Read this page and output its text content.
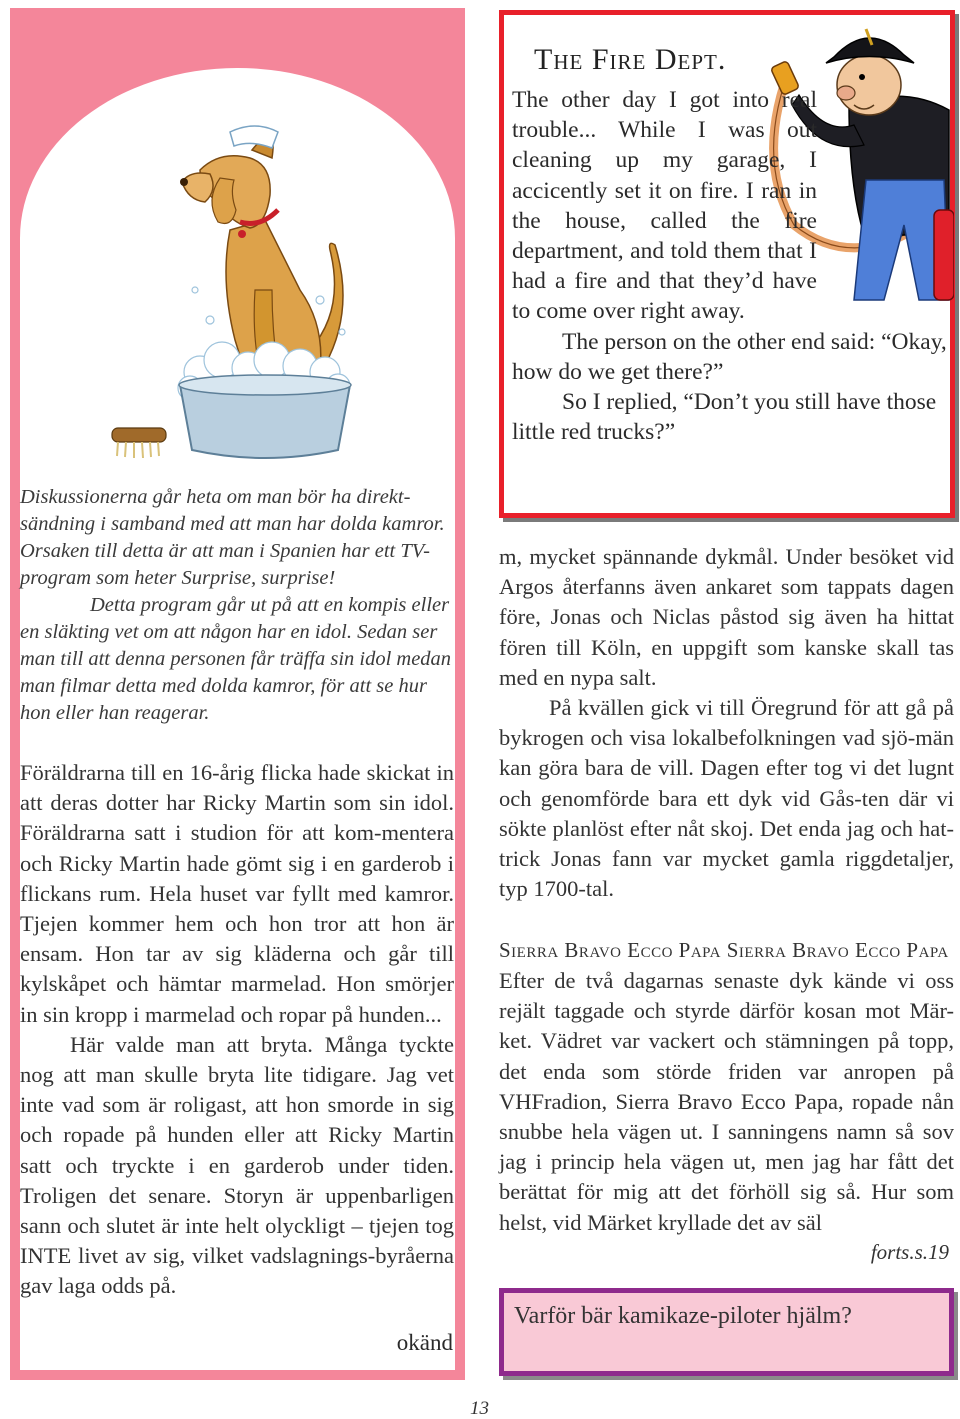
Diskussionerna går heta om man bör ha direkt-sändning i samband med att man har dolda kamror. Orsaken till detta är att man i Spanien har ett TV-program som heter Surprise, surprise!

Detta program går ut på att en kompis eller en släkting vet om att någon har en idol. Sedan ser man till att denna personen får träffa sin idol medan man filmar detta med dolda kamror, för att se hur hon eller han reagerar.

Föräldrarna till en 16-årig flicka hade skickat in att deras dotter har Ricky Martin som sin idol. Föräldrarna satt i studion för att kom-mentera och Ricky Martin hade gömt sig i en garderob i flickans rum. Hela huset var fyllt med kamror. Tjejen kommer hem och hon tror att hon är ensam. Hon tar av sig kläderna och går till kylskåpet och hämtar marmelad. Hon smörjer in sin kropp i marmelad och ropar på hunden...

Här valde man att bryta. Många tyckte nog att man skulle bryta lite tidigare. Jag vet inte vad som är roligast, att hon smorde in sig och ropade på hunden eller att Ricky Martin satt och tryckte i en garderob under tiden. Troligen det senare. Storyn är uppenbarligen sann och slutet är inte helt olyckligt – tjejen tog INTE livet av sig, vilket vadslagnings-byråerna gav laga odds på.

okänd
The Fire Dept.
The other day I got into real trouble... While I was out cleaning up my garage, I accicently set it on fire. I ran in the house, called the fire department, and told them that I had a fire and that they’d have to come over right away.

The person on the other end said: “Okay, how do we get there?”

So I replied, “Don’t you still have those little red trucks?”

m, mycket spännande dykmål. Under besöket vid Argos återfanns även ankaret som tappats dagen före, Jonas och Niclas påstod sig även ha hittat fören till Köln, en uppgift som kanske skall tas med en nypa salt.

På kvällen gick vi till Öregrund för att gå på bykrogen och visa lokalbefolkningen vad sjö-män kan göra bara de vill. Dagen efter tog vi det lugnt och genomförde bara ett dyk vid Gås-ten där vi sökte planlöst efter nåt skoj. Det enda jag och hat-trick Jonas fann var mycket gamla riggdetaljer, typ 1700-tal.

Sierra Bravo Ecco Papa Sierra Bravo Ecco Papa

Efter de två dagarnas senaste dyk kände vi oss rejält taggade och styrde därför kosan mot Mär-ket. Vädret var vackert och stämningen på topp, det enda som störde friden var anropen på VHFradion, Sierra Bravo Ecco Papa, ropade nån snubbe hela vägen ut. I sanningens namn så sov jag i princip hela vägen ut, men jag har fått det berättat för mig att det förhöll sig så. Hur som helst, vid Märket kryllade det av säl

forts.s.19
Varför bär kamikaze-piloter hjälm?
13
